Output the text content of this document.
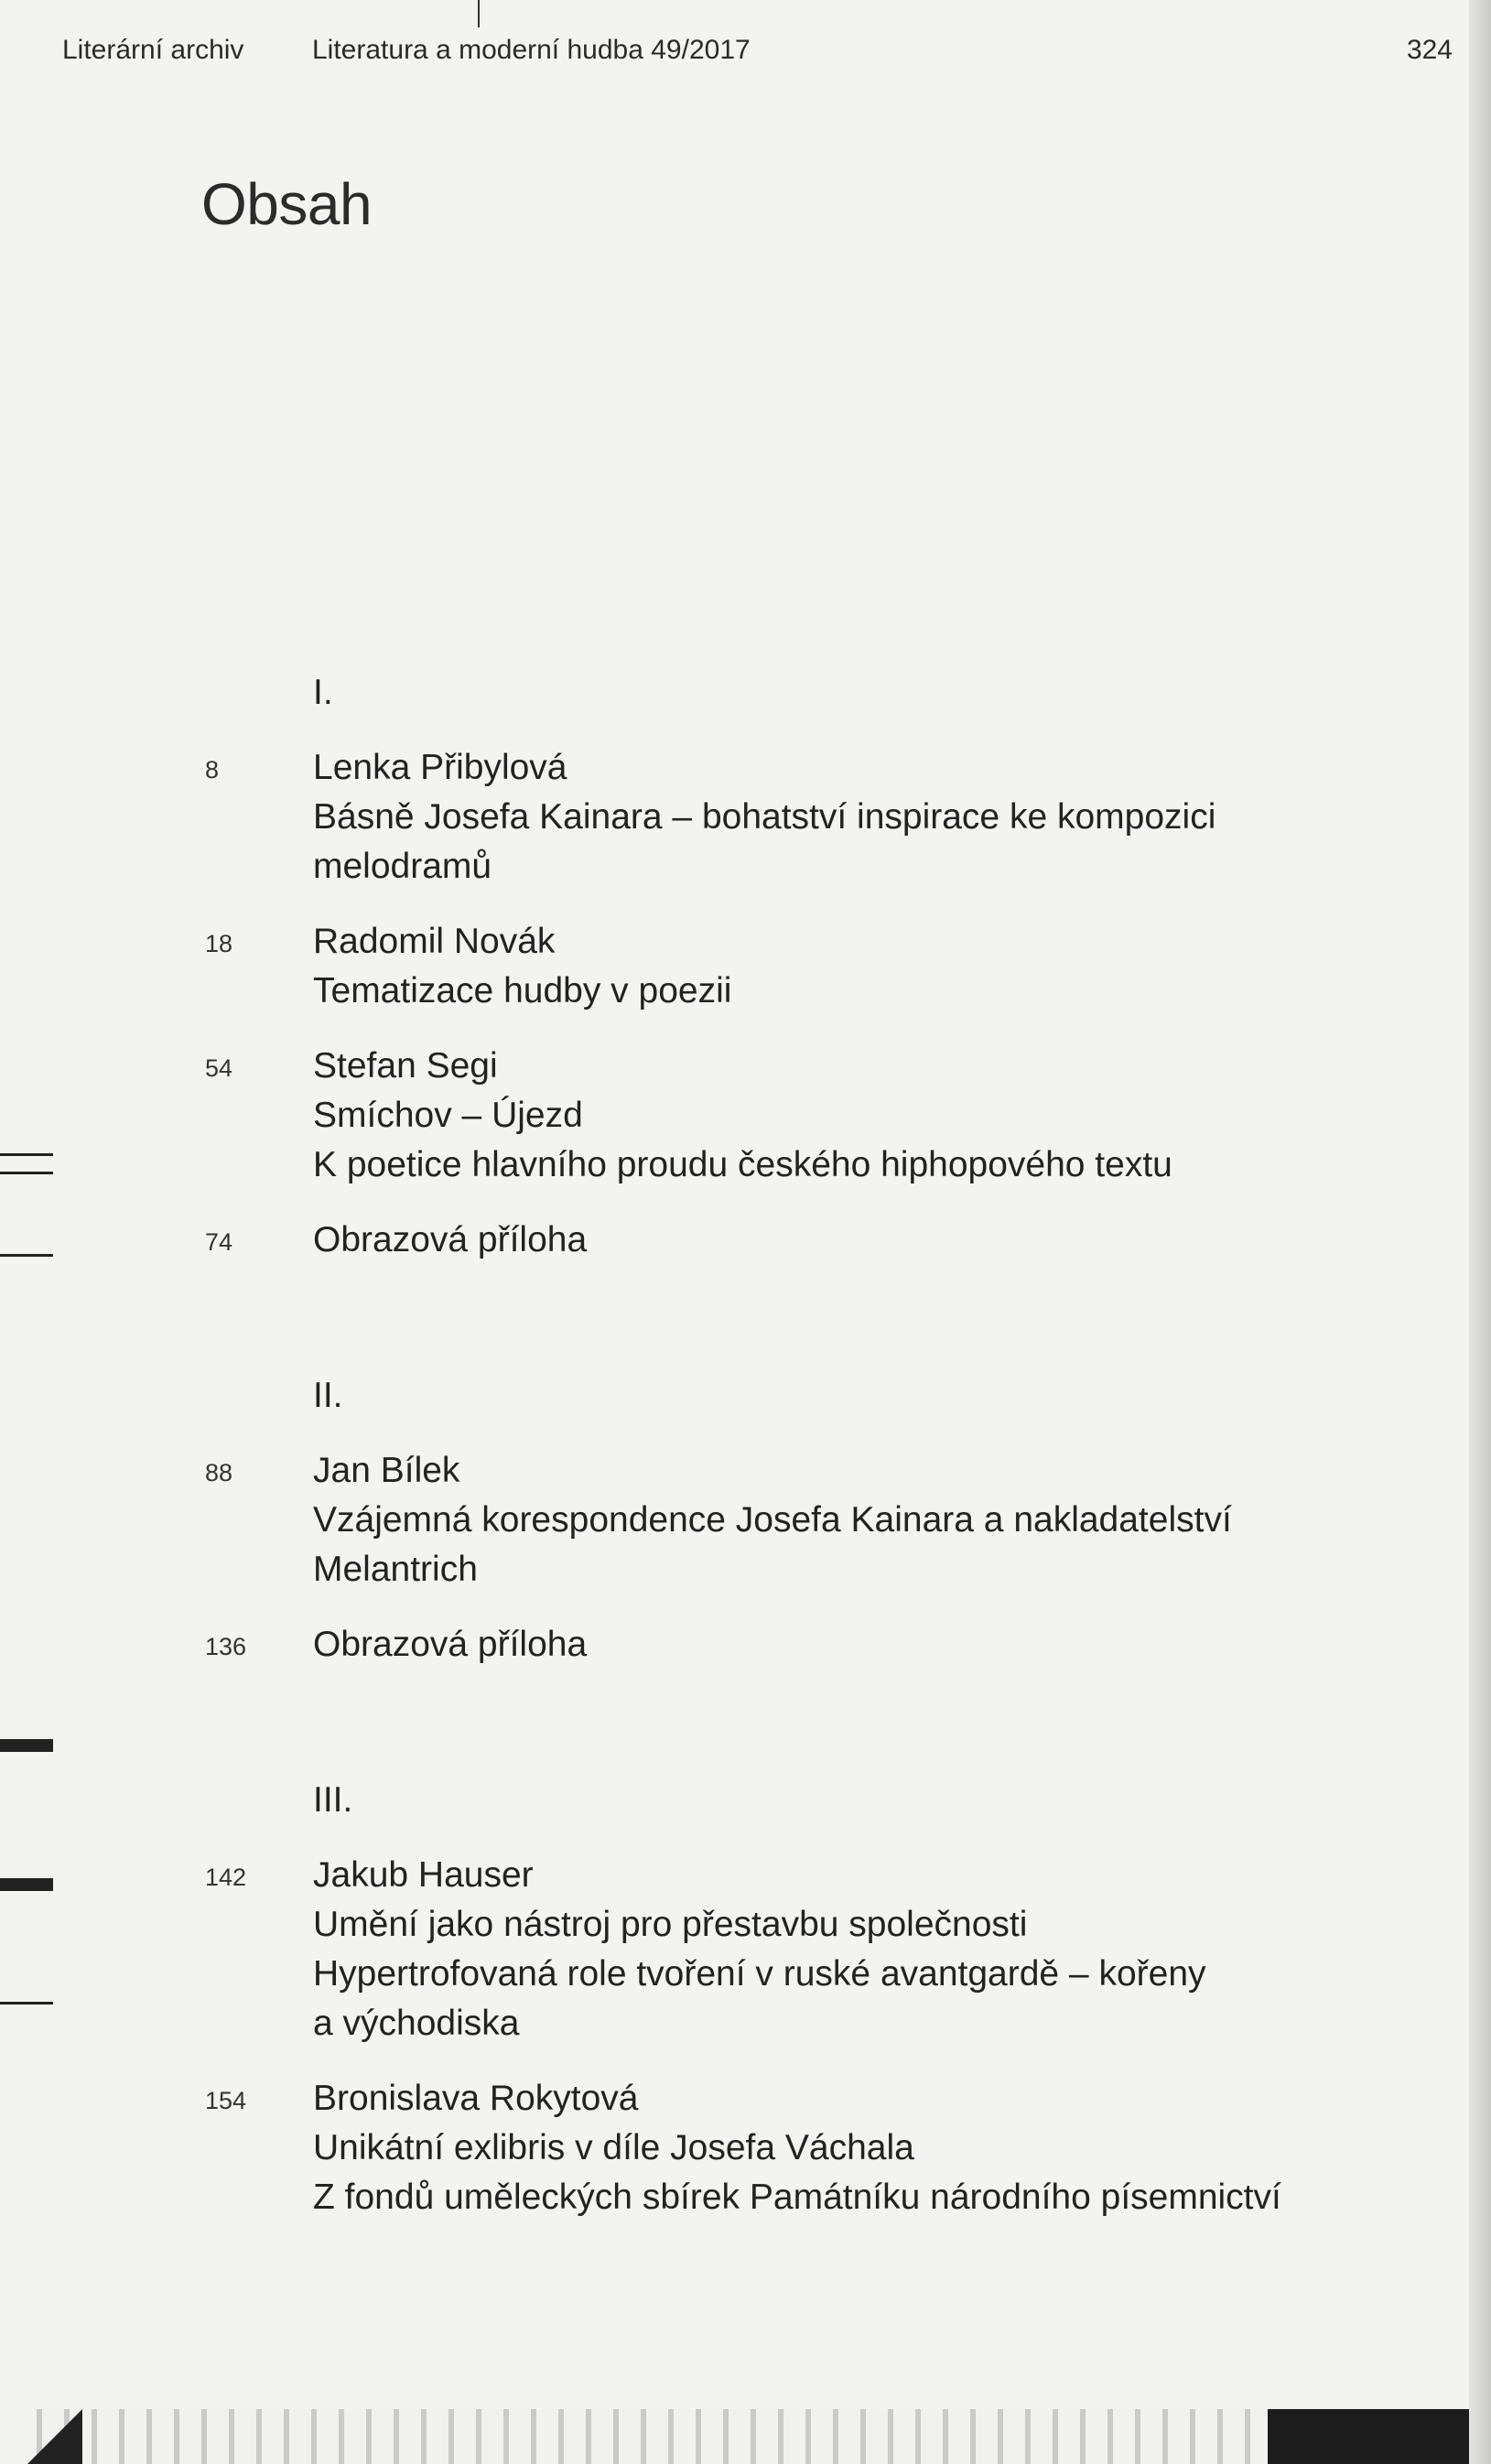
Literární archiv Literatura a moderní hudba 49/2017	324
Obsah
I.
8	Lenka Přibylová
Básně Josefa Kainara – bohatství inspirace ke kompozici
melodramů
18	Radomil Novák
Tematizace hudby v poezii
54	Stefan Segi
Smíchov – Újezd
K poetice hlavního proudu českého hiphopového textu
74	Obrazová příloha
II.
88	Jan Bílek
Vzájemná korespondence Josefa Kainara a nakladatelství
Melantrich
136	Obrazová příloha
III.
142	Jakub Hauser
Umění jako nástroj pro přestavbu společnosti
Hypertrofovaná role tvoření v ruské avantgardě – kořeny
a východiska
154	Bronislava Rokytová
Unikátní exlibris v díle Josefa Váchala
Z fondů uměleckých sbírek Památníku národního písemnictví
